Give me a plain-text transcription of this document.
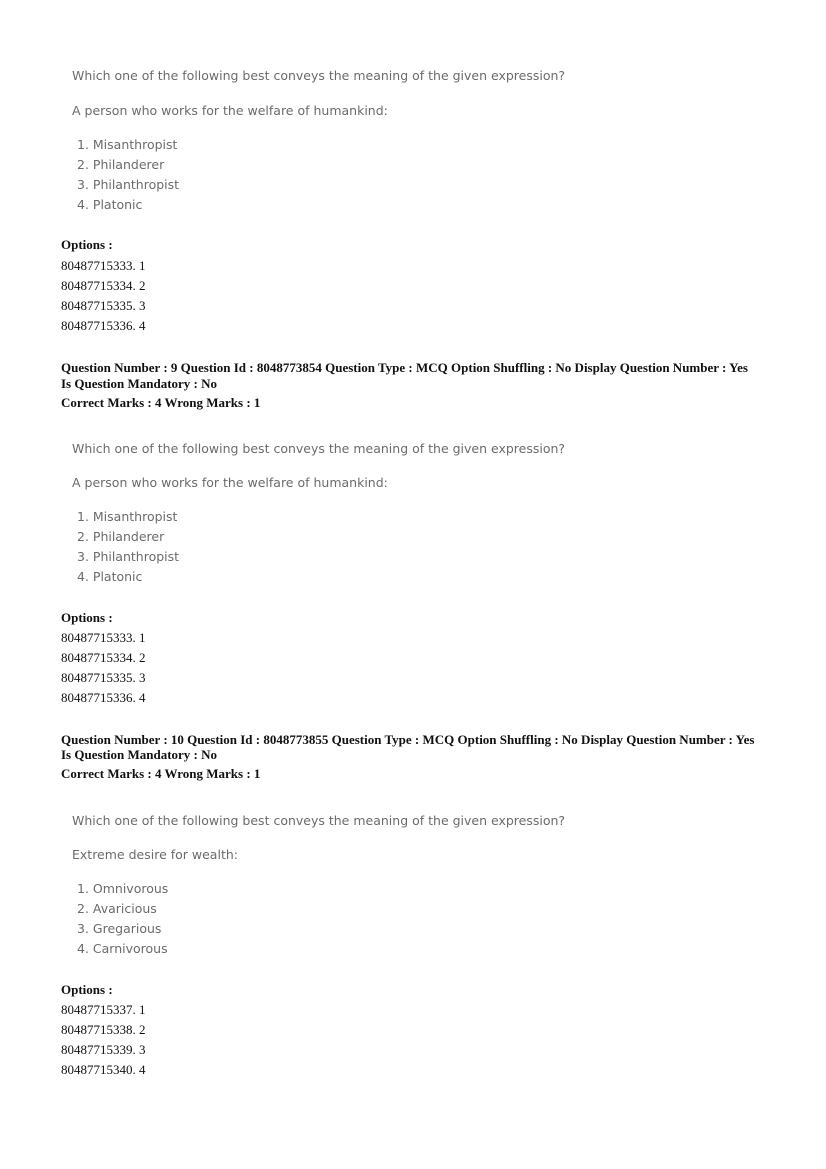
Which one of the following best conveys the meaning of the given expression?
A person who works for the welfare of humankind:
1. Misanthropist
2. Philanderer
3. Philanthropist
4. Platonic
Options :
80487715333. 1
80487715334. 2
80487715335. 3
80487715336. 4
Question Number : 9 Question Id : 8048773854 Question Type : MCQ Option Shuffling : No Display Question Number : Yes
Is Question Mandatory : No
Correct Marks : 4 Wrong Marks : 1
Which one of the following best conveys the meaning of the given expression?
A person who works for the welfare of humankind:
1. Misanthropist
2. Philanderer
3. Philanthropist
4. Platonic
Options :
80487715333. 1
80487715334. 2
80487715335. 3
80487715336. 4
Question Number : 10 Question Id : 8048773855 Question Type : MCQ Option Shuffling : No Display Question Number : Yes
Is Question Mandatory : No
Correct Marks : 4 Wrong Marks : 1
Which one of the following best conveys the meaning of the given expression?
Extreme desire for wealth:
1. Omnivorous
2. Avaricious
3. Gregarious
4. Carnivorous
Options :
80487715337. 1
80487715338. 2
80487715339. 3
80487715340. 4
